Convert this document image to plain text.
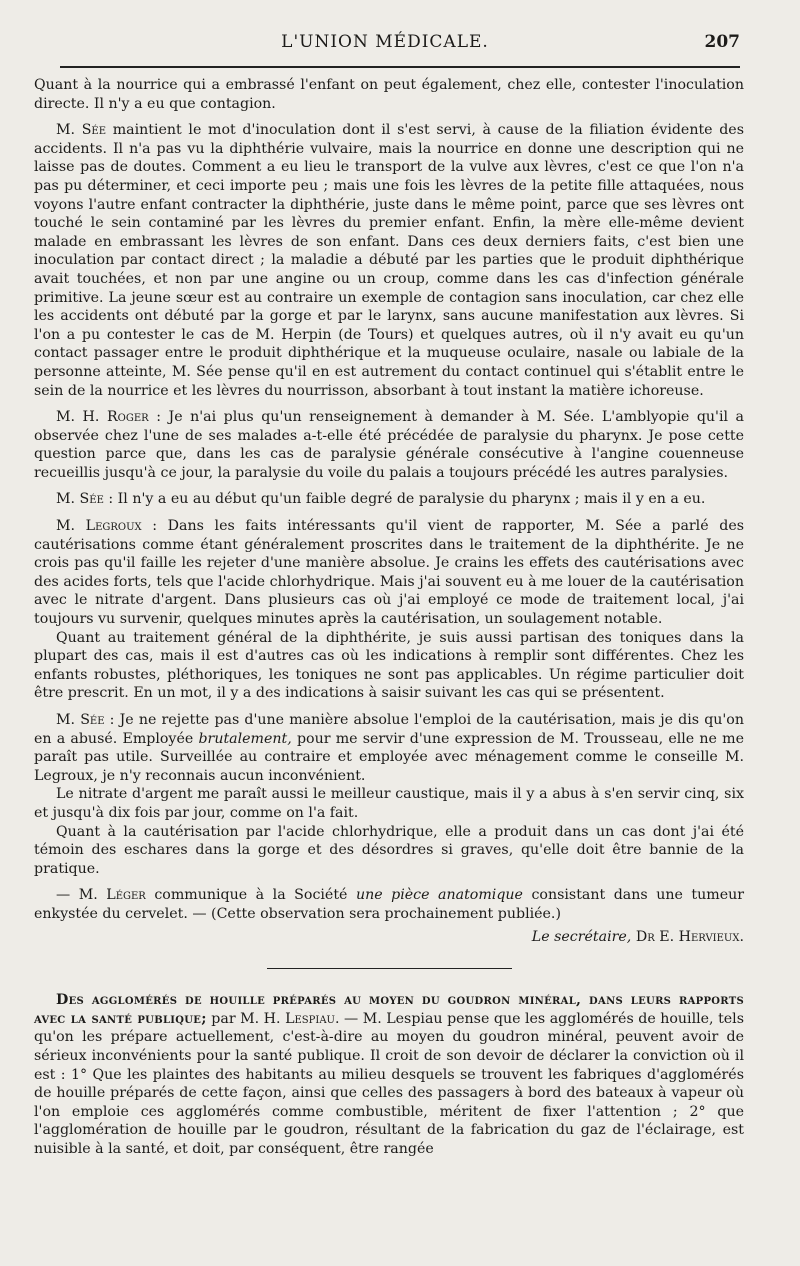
L'UNION MÉDICALE.	207

Quant à la nourrice qui a embrassé l'enfant on peut également, chez elle, contester l'inoculation directe. Il n'y a eu que contagion.

M. Sée maintient le mot d'inoculation dont il s'est servi, à cause de la filiation évidente des accidents. Il n'a pas vu la diphthérie vulvaire, mais la nourrice en donne une description qui ne laisse pas de doutes. Comment a eu lieu le transport de la vulve aux lèvres, c'est ce que l'on n'a pas pu déterminer, et ceci importe peu ; mais une fois les lèvres de la petite fille attaquées, nous voyons l'autre enfant contracter la diphthérie, juste dans le même point, parce que ses lèvres ont touché le sein contaminé par les lèvres du premier enfant. Enfin, la mère elle-même devient malade en embrassant les lèvres de son enfant. Dans ces deux derniers faits, c'est bien une inoculation par contact direct ; la maladie a débuté par les parties que le produit diphthérique avait touchées, et non par une angine ou un croup, comme dans les cas d'infection générale primitive. La jeune sœur est au contraire un exemple de contagion sans inoculation, car chez elle les accidents ont débuté par la gorge et par le larynx, sans aucune manifestation aux lèvres. Si l'on a pu contester le cas de M. Herpin (de Tours) et quelques autres, où il n'y avait eu qu'un contact passager entre le produit diphthérique et la muqueuse oculaire, nasale ou labiale de la personne atteinte, M. Sée pense qu'il en est autrement du contact continuel qui s'établit entre le sein de la nourrice et les lèvres du nourrisson, absorbant à tout instant la matière ichoreuse.

M. H. Roger : Je n'ai plus qu'un renseignement à demander à M. Sée. L'amblyopie qu'il a observée chez l'une de ses malades a-t-elle été précédée de paralysie du pharynx. Je pose cette question parce que, dans les cas de paralysie générale consécutive à l'angine couenneuse recueillis jusqu'à ce jour, la paralysie du voile du palais a toujours précédé les autres paralysies.

M. Sée : Il n'y a eu au début qu'un faible degré de paralysie du pharynx ; mais il y en a eu.

M. Legroux : Dans les faits intéressants qu'il vient de rapporter, M. Sée a parlé des cautérisations comme étant généralement proscrites dans le traitement de la diphthérite. Je ne crois pas qu'il faille les rejeter d'une manière absolue. Je crains les effets des cautérisations avec des acides forts, tels que l'acide chlorhydrique. Mais j'ai souvent eu à me louer de la cautérisation avec le nitrate d'argent. Dans plusieurs cas où j'ai employé ce mode de traitement local, j'ai toujours vu survenir, quelques minutes après la cautérisation, un soulagement notable.

Quant au traitement général de la diphthérite, je suis aussi partisan des toniques dans la plupart des cas, mais il est d'autres cas où les indications à remplir sont différentes. Chez les enfants robustes, pléthoriques, les toniques ne sont pas applicables. Un régime particulier doit être prescrit. En un mot, il y a des indications à saisir suivant les cas qui se présentent.

M. Sée : Je ne rejette pas d'une manière absolue l'emploi de la cautérisation, mais je dis qu'on en a abusé. Employée brutalement, pour me servir d'une expression de M. Trousseau, elle ne me paraît pas utile. Surveillée au contraire et employée avec ménagement comme le conseille M. Legroux, je n'y reconnais aucun inconvénient.

Le nitrate d'argent me paraît aussi le meilleur caustique, mais il y a abus à s'en servir cinq, six et jusqu'à dix fois par jour, comme on l'a fait.

Quant à la cautérisation par l'acide chlorhydrique, elle a produit dans un cas dont j'ai été témoin des eschares dans la gorge et des désordres si graves, qu'elle doit être bannie de la pratique.

— M. Léger communique à la Société une pièce anatomique consistant dans une tumeur enkystée du cervelet. — (Cette observation sera prochainement publiée.)

Le secrétaire, Dr E. Hervieux.

Des agglomérés de houille préparés au moyen du goudron minéral, dans leurs rapports avec la santé publique; par M. H. Lespiau. — M. Lespiau pense que les agglomérés de houille, tels qu'on les prépare actuellement, c'est-à-dire au moyen du goudron minéral, peuvent avoir de sérieux inconvénients pour la santé publique. Il croit de son devoir de déclarer la conviction où il est : 1° Que les plaintes des habitants au milieu desquels se trouvent les fabriques d'agglomérés de houille préparés de cette façon, ainsi que celles des passagers à bord des bateaux à vapeur où l'on emploie ces agglomérés comme combustible, méritent de fixer l'attention ; 2° que l'agglomération de houille par le goudron, résultant de la fabrication du gaz de l'éclairage, est nuisible à la santé, et doit, par conséquent, être rangée
